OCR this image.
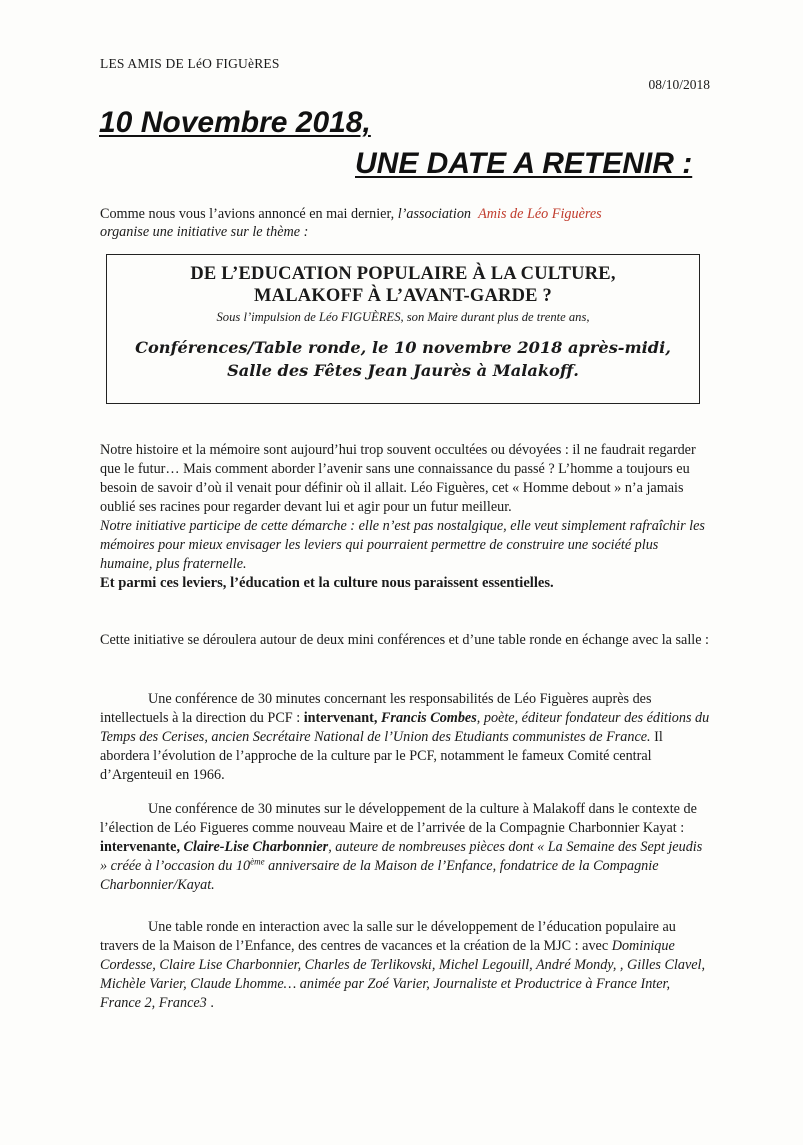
LES AMIS DE LéO FIGUèRES
08/10/2018
10 Novembre 2018,
UNE DATE A RETENIR :
Comme nous vous l’avions annoncé en mai dernier, l’association Amis de Léo Figuères
organise une initiative sur le thème :
DE L’EDUCATION POPULAIRE À LA CULTURE,
MALAKOFF À L’AVANT-GARDE ?
Sous l’impulsion de Léo FIGUÈRES, son Maire durant plus de trente ans,
Conférences/Table ronde, le 10 novembre 2018 après-midi,
Salle des Fêtes Jean Jaurès à Malakoff.

Notre histoire et la mémoire sont aujourd’hui trop souvent occultées ou dévoyées : il ne faudrait regarder que le futur… Mais comment aborder l’avenir sans une connaissance du passé ? L’homme a toujours eu besoin de savoir d’où il venait pour définir où il allait. Léo Figuères, cet « Homme debout » n’a jamais oublié ses racines pour regarder devant lui et agir pour un futur meilleur.

Notre initiative participe de cette démarche : elle n’est pas nostalgique, elle veut simplement rafraîchir les mémoires pour mieux envisager les leviers qui pourraient permettre de construire une société plus humaine, plus fraternelle.

Et parmi ces leviers, l’éducation et la culture nous paraissent essentielles.

Cette initiative se déroulera autour de deux mini conférences et d’une table ronde en échange avec la salle :
Une conférence de 30 minutes concernant les responsabilités de Léo Figuères auprès des intellectuels à la direction du PCF : intervenant, Francis Combes, poète, éditeur fondateur des éditions du Temps des Cerises, ancien Secrétaire National de l’Union des Etudiants communistes de France. Il abordera l’évolution de l’approche de la culture par le PCF, notamment le fameux Comité central d’Argenteuil en 1966.
Une conférence de 30 minutes sur le développement de la culture à Malakoff dans le contexte de l’élection de Léo Figueres comme nouveau Maire et de l’arrivée de la Compagnie Charbonnier Kayat : intervenante, Claire-Lise Charbonnier, auteure de nombreuses pièces dont « La Semaine des Sept jeudis » créée à l’occasion du 10ème anniversaire de la Maison de l’Enfance, fondatrice de la Compagnie Charbonnier/Kayat.
Une table ronde en interaction avec la salle sur le développement de l’éducation populaire au travers de la Maison de l’Enfance, des centres de vacances et la création de la MJC : avec Dominique Cordesse, Claire Lise Charbonnier, Charles de Terlikovski, Michel Legouill, André Mondy, , Gilles Clavel, Michèle Varier, Claude Lhomme… animée par Zoé Varier, Journaliste et Productrice à France Inter, France 2, France3 .
